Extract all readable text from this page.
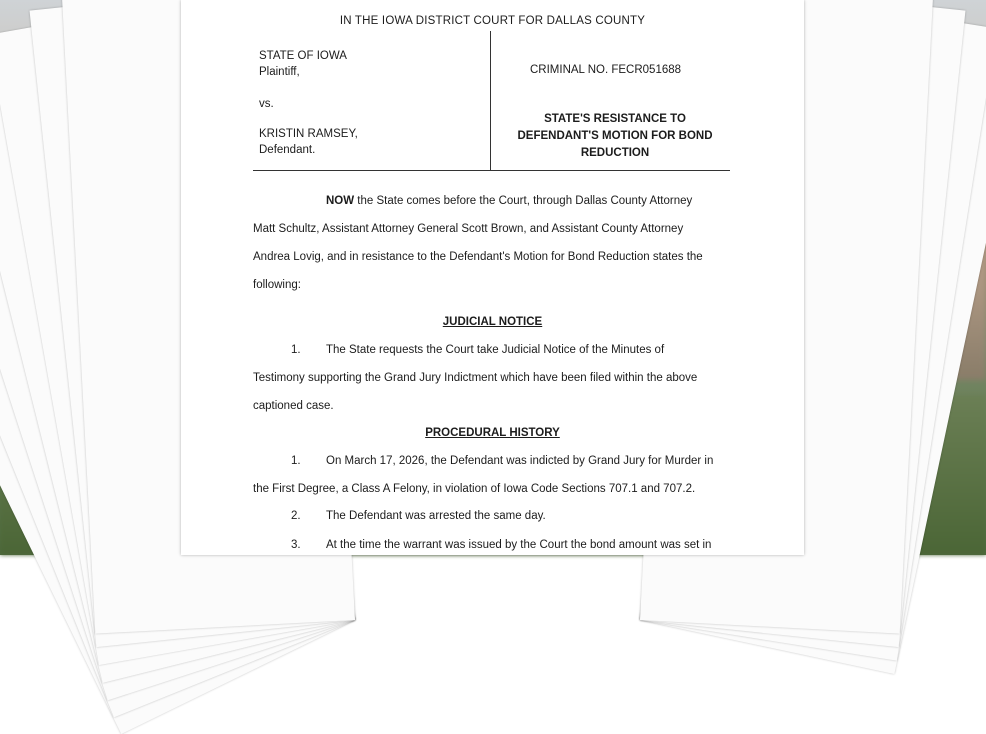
IN THE IOWA DISTRICT COURT FOR DALLAS COUNTY
STATE OF IOWA
Plaintiff,
vs.
KRISTIN RAMSEY,
Defendant.
CRIMINAL NO. FECR051688
STATE'S RESISTANCE TO
DEFENDANT'S MOTION FOR BOND
REDUCTION
NOW the State comes before the Court, through Dallas County Attorney
Matt Schultz, Assistant Attorney General Scott Brown, and Assistant County Attorney
Andrea Lovig, and in resistance to the Defendant's Motion for Bond Reduction states the
following:
JUDICIAL NOTICE
1. The State requests the Court take Judicial Notice of the Minutes of
Testimony supporting the Grand Jury Indictment which have been filed within the above
captioned case.
PROCEDURAL HISTORY
1. On March 17, 2026, the Defendant was indicted by Grand Jury for Murder in
the First Degree, a Class A Felony, in violation of Iowa Code Sections 707.1 and 707.2.
2. The Defendant was arrested the same day.
3. At the time the warrant was issued by the Court the bond amount was set in
